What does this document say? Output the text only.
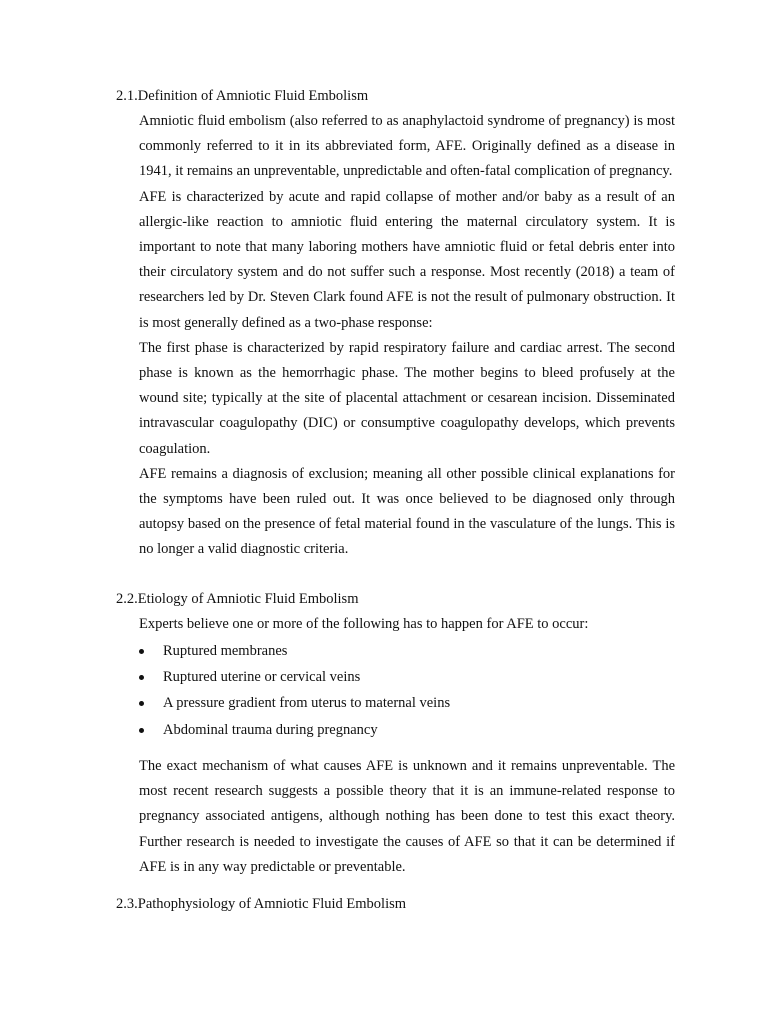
2.1.Definition of Amniotic Fluid Embolism

Amniotic fluid embolism (also referred to as anaphylactoid syndrome of pregnancy) is most commonly referred to it in its abbreviated form, AFE. Originally defined as a disease in 1941, it remains an unpreventable, unpredictable and often-fatal complication of pregnancy.

AFE is characterized by acute and rapid collapse of mother and/or baby as a result of an allergic-like reaction to amniotic fluid entering the maternal circulatory system. It is important to note that many laboring mothers have amniotic fluid or fetal debris enter into their circulatory system and do not suffer such a response. Most recently (2018) a team of researchers led by Dr. Steven Clark found AFE is not the result of pulmonary obstruction. It is most generally defined as a two-phase response:

The first phase is characterized by rapid respiratory failure and cardiac arrest. The second phase is known as the hemorrhagic phase. The mother begins to bleed profusely at the wound site; typically at the site of placental attachment or cesarean incision. Disseminated intravascular coagulopathy (DIC) or consumptive coagulopathy develops, which prevents coagulation.

AFE remains a diagnosis of exclusion; meaning all other possible clinical explanations for the symptoms have been ruled out. It was once believed to be diagnosed only through autopsy based on the presence of fetal material found in the vasculature of the lungs. This is no longer a valid diagnostic criteria.

2.2.Etiology of Amniotic Fluid Embolism

Experts believe one or more of the following has to happen for AFE to occur:

Ruptured membranes
Ruptured uterine or cervical veins
A pressure gradient from uterus to maternal veins
Abdominal trauma during pregnancy

The exact mechanism of what causes AFE is unknown and it remains unpreventable. The most recent research suggests a possible theory that it is an immune-related response to pregnancy associated antigens, although nothing has been done to test this exact theory. Further research is needed to investigate the causes of AFE so that it can be determined if AFE is in any way predictable or preventable.

2.3.Pathophysiology of Amniotic Fluid Embolism
